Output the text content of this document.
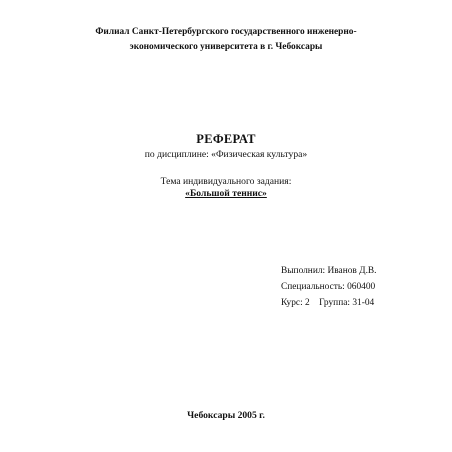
Филиал Санкт-Петербургского государственного инженерно-
экономического университета в г. Чебоксары
РЕФЕРАТ
по дисциплине: «Физическая культура»
Тема индивидуального задания:
«Большой теннис»
Выполнил: Иванов Д.В.
Специальность: 060400
Курс: 2    Группа: 31-04
Чебоксары 2005 г.
